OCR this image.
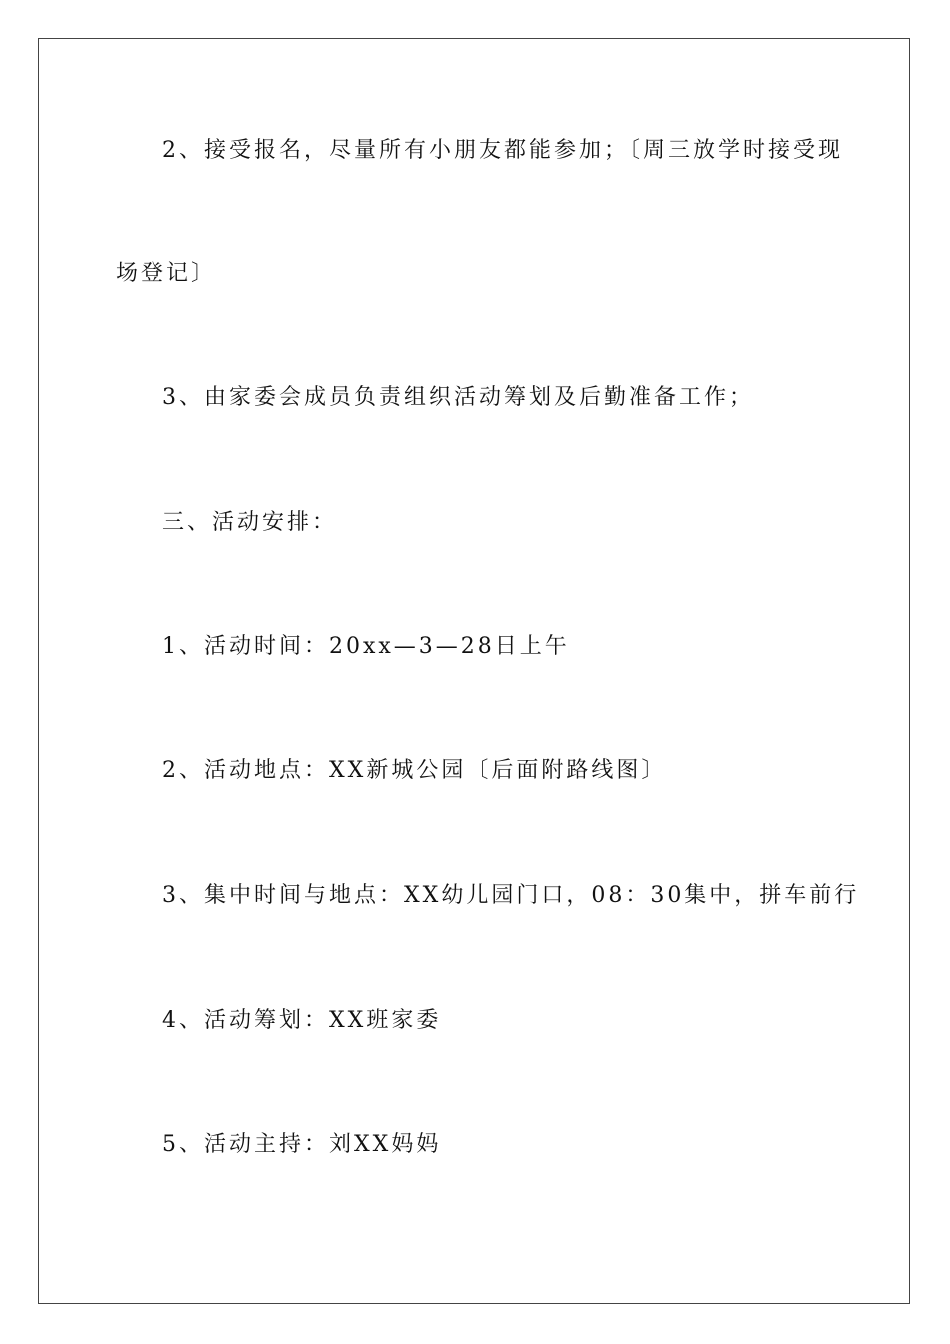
2、接受报名，尽量所有小朋友都能参加；〔周三放学时接受现
场登记〕
3、由家委会成员负责组织活动筹划及后勤准备工作；
三、活动安排：
1、活动时间：20xx—3—28日上午
2、活动地点：XX新城公园〔后面附路线图〕
3、集中时间与地点：XX幼儿园门口，08：30集中，拼车前行
4、活动筹划：XX班家委
5、活动主持：刘XX妈妈
